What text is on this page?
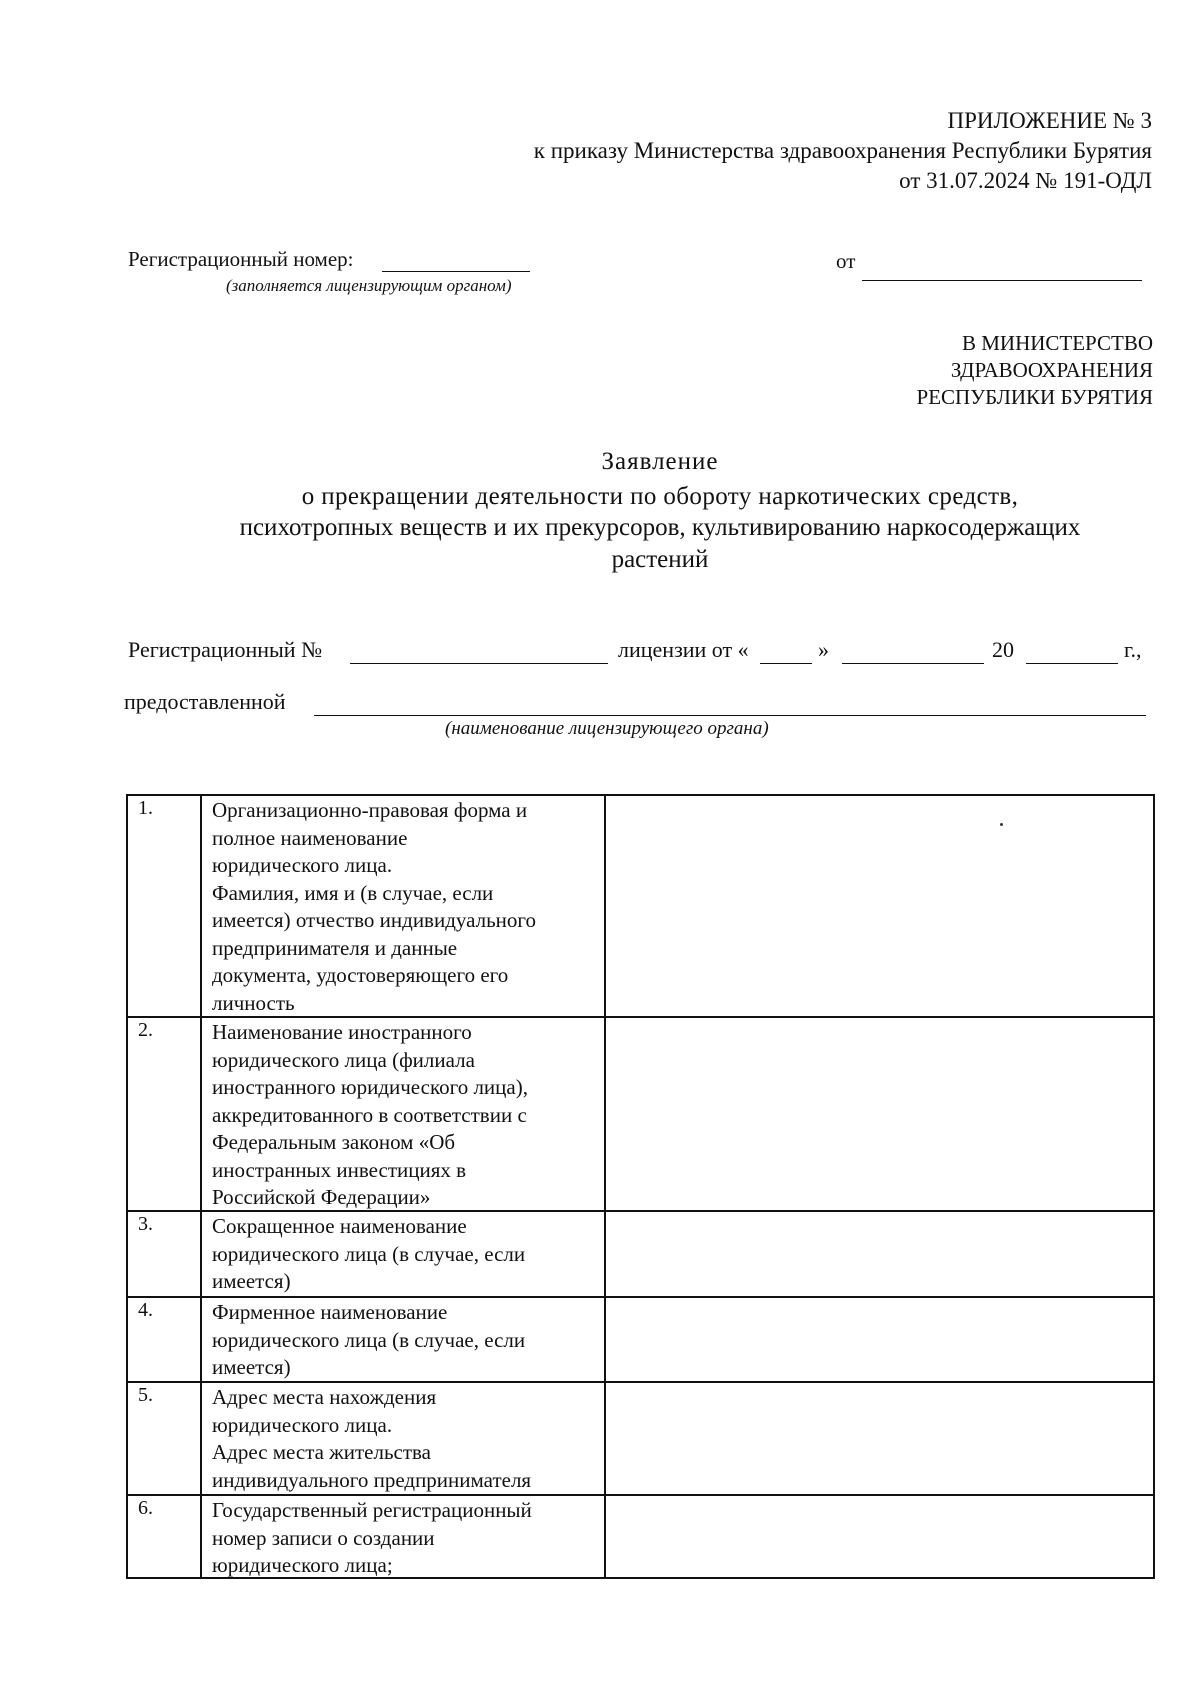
ПРИЛОЖЕНИЕ № 3
к приказу Министерства здравоохранения Республики Бурятия
от 31.07.2024 № 191-ОДЛ
Регистрационный номер:
(заполняется лицензирующим органом)
от
В МИНИСТЕРСТВО
ЗДРАВООХРАНЕНИЯ
РЕСПУБЛИКИ БУРЯТИЯ
Заявление
о прекращении деятельности по обороту наркотических средств,
психотропных веществ и их прекурсоров, культивированию наркосодержащих
растений
Регистрационный №	лицензии от «	»	20	г.,
предоставленной
(наименование лицензирующего органа)
1.	Организационно-правовая форма и
полное наименование
юридического лица.
Фамилия, имя и (в случае, если
имеется) отчество индивидуального
предпринимателя и данные
документа, удостоверяющего его
личность
2.	Наименование иностранного
юридического лица (филиала
иностранного юридического лица),
аккредитованного в соответствии с
Федеральным законом «Об
иностранных инвестициях в
Российской Федерации»
3.	Сокращенное наименование
юридического лица (в случае, если
имеется)
4.	Фирменное наименование
юридического лица (в случае, если
имеется)
5.	Адрес места нахождения
юридического лица.
Адрес места жительства
индивидуального предпринимателя
6.	Государственный регистрационный
номер записи о создании
юридического лица;
